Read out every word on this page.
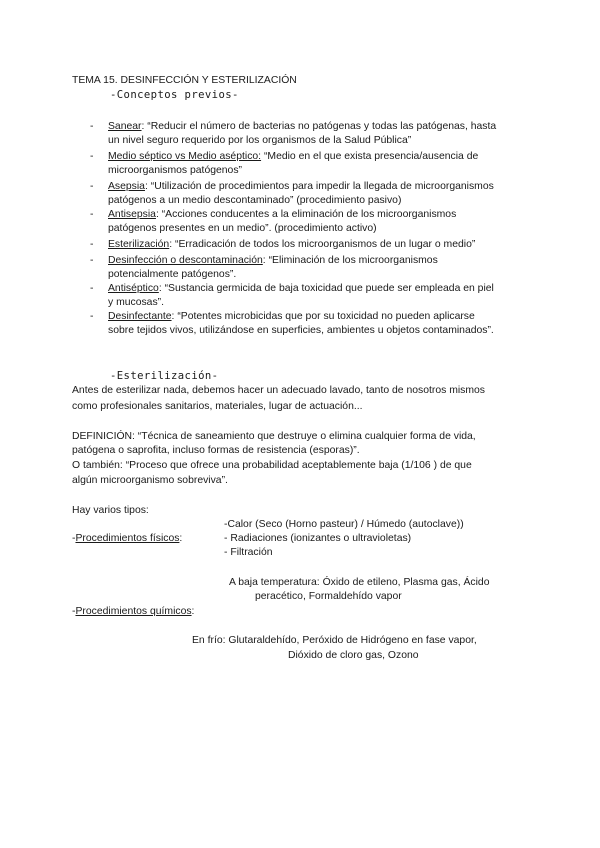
TEMA 15. DESINFECCIÓN Y ESTERILIZACIÓN
-Conceptos previos-
- Sanear: “Reducir el número de bacterias no patógenas y todas las patógenas, hasta
un nivel seguro requerido por los organismos de la Salud Pública”
- Medio séptico vs Medio aséptico: “Medio en el que exista presencia/ausencia de
microorganismos patógenos”
- Asepsia: “Utilización de procedimientos para impedir la llegada de microorganismos
patógenos a un medio descontaminado” (procedimiento pasivo)
- Antisepsia: “Acciones conducentes a la eliminación de los microorganismos
patógenos presentes en un medio”. (procedimiento activo)
- Esterilización: “Erradicación de todos los microorganismos de un lugar o medio”
- Desinfección o descontaminación: “Eliminación de los microorganismos
potencialmente patógenos”.
- Antiséptico: “Sustancia germicida de baja toxicidad que puede ser empleada en piel
y mucosas”.
- Desinfectante: “Potentes microbicidas que por su toxicidad no pueden aplicarse
sobre tejidos vivos, utilizándose en superficies, ambientes u objetos contaminados”.
-Esterilización-
Antes de esterilizar nada, debemos hacer un adecuado lavado, tanto de nosotros mismos
como profesionales sanitarios, materiales, lugar de actuación...
DEFINICIÓN: “Técnica de saneamiento que destruye o elimina cualquier forma de vida,
patógena o saprofita, incluso formas de resistencia (esporas)”.
O también: “Proceso que ofrece una probabilidad aceptablemente baja (1/106 ) de que
algún microorganismo sobreviva”.
Hay varios tipos:
-Calor (Seco (Horno pasteur) / Húmedo (autoclave))
-Procedimientos físicos:	- Radiaciones (ionizantes o ultravioletas)
- Filtración
A baja temperatura: Óxido de etileno, Plasma gas, Ácido
peracético, Formaldehído vapor
-Procedimientos químicos:
En frío: Glutaraldehído, Peróxido de Hidrógeno en fase vapor,
Dióxido de cloro gas, Ozono
